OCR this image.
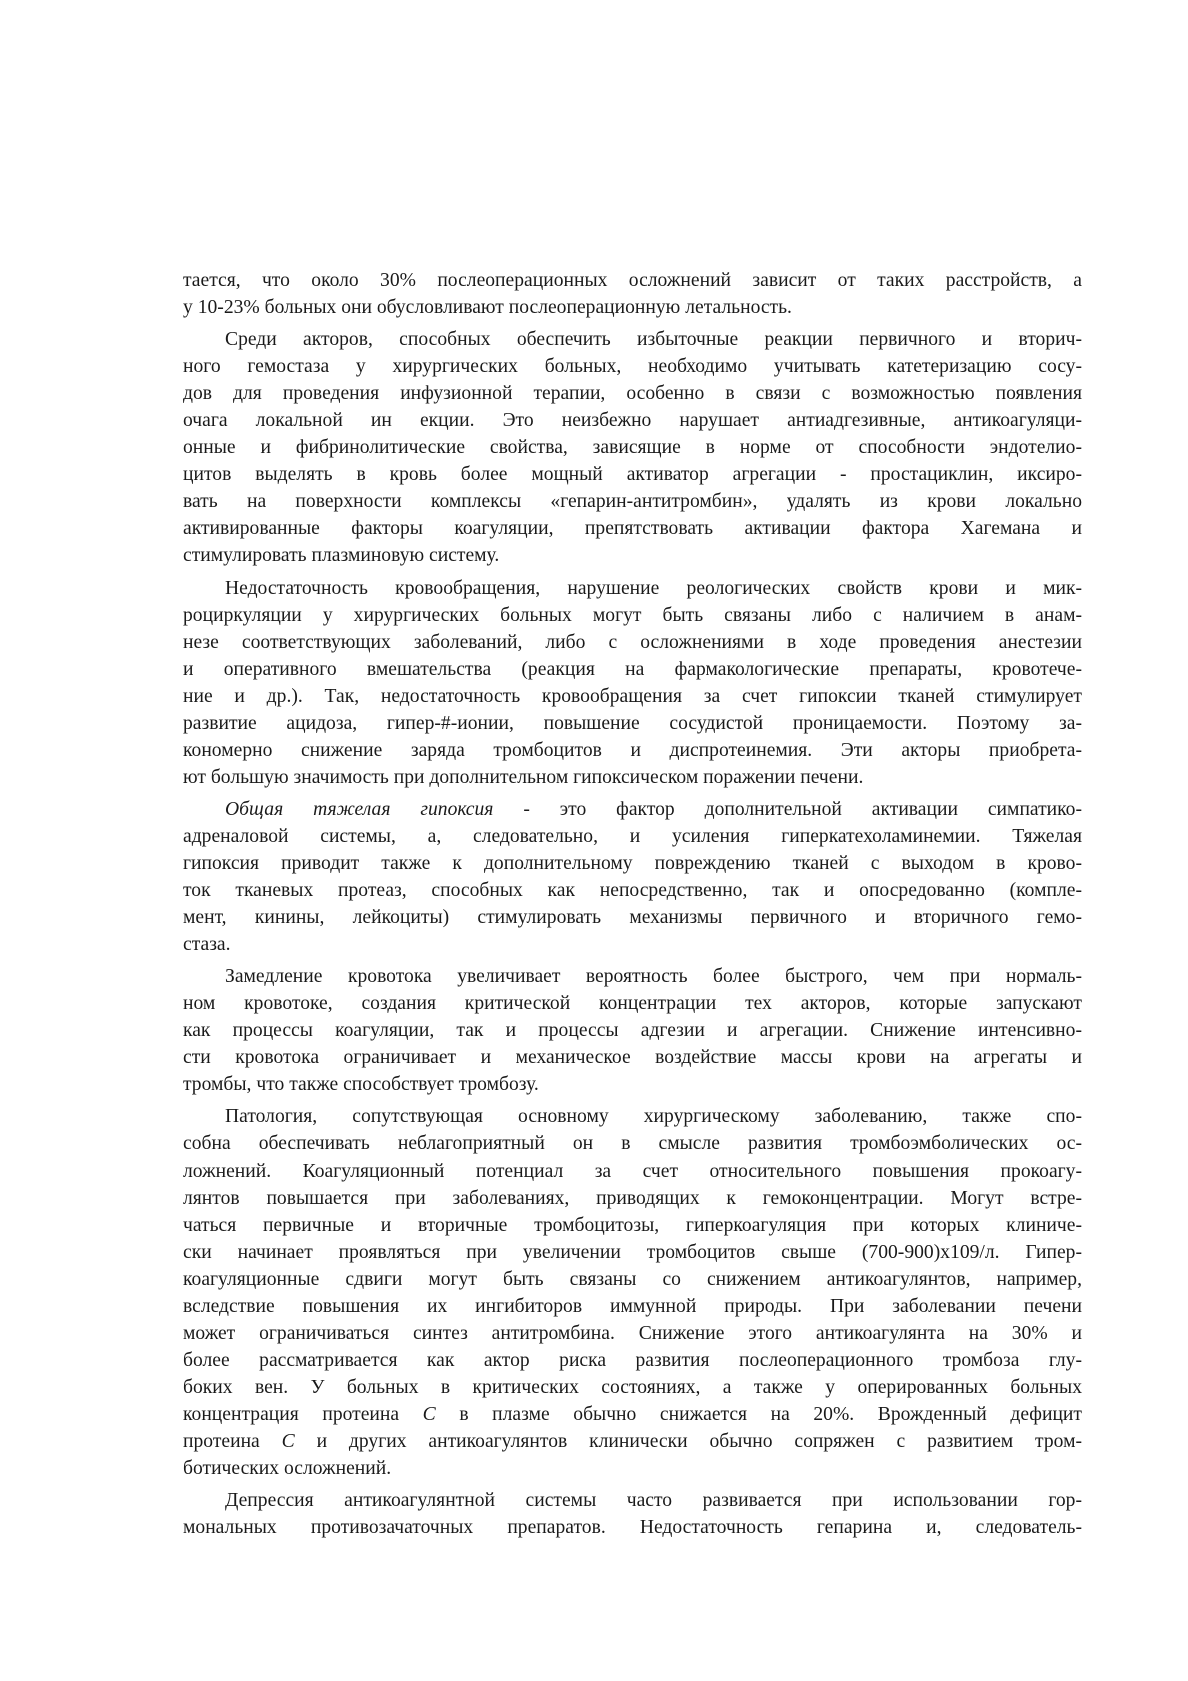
тается, что около 30% послеоперационных осложнений зависит от таких расстройств, а
у 10-23% больных они обусловливают послеоперационную летальность.
Среди акторов, способных обеспечить избыточные реакции первичного и вторич-
ного гемостаза у хирургических больных, необходимо учитывать катетеризацию сосу-
дов для проведения инфузионной терапии, особенно в связи с возможностью появления
очага локальной ин екции. Это неизбежно нарушает антиадгезивные, антикоагуляци-
онные и фибринолитические свойства, зависящие в норме от способности эндотелио-
цитов выделять в кровь более мощный активатор агрегации - простациклин, иксиро-
вать на поверхности комплексы «гепарин-антитромбин», удалять из крови локально
активированные факторы коагуляции, препятствовать активации фактора Хагемана и
стимулировать плазминовую систему.
Недостаточность кровообращения, нарушение реологических свойств крови и мик-
роциркуляции у хирургических больных могут быть связаны либо с наличием в анам-
незе соответствующих заболеваний, либо с осложнениями в ходе проведения анестезии
и оперативного вмешательства (реакция на фармакологические препараты, кровотече-
ние и др.). Так, недостаточность кровообращения за счет гипоксии тканей стимулирует
развитие ацидоза, гипер-#-ионии, повышение сосудистой проницаемости. Поэтому за-
кономерно снижение заряда тромбоцитов и диспротеинемия. Эти акторы приобрета-
ют большую значимость при дополнительном гипоксическом поражении печени.
Общая тяжелая гипоксия - это фактор дополнительной активации симпатико-
адреналовой системы, а, следовательно, и усиления гиперкатехоламинемии. Тяжелая
гипоксия приводит также к дополнительному повреждению тканей с выходом в крово-
ток тканевых протеаз, способных как непосредственно, так и опосредованно (компле-
мент, кинины, лейкоциты) стимулировать механизмы первичного и вторичного гемо-
стаза.
Замедление кровотока увеличивает вероятность более быстрого, чем при нормаль-
ном кровотоке, создания критической концентрации тех акторов, которые запускают
как процессы коагуляции, так и процессы адгезии и агрегации. Снижение интенсивно-
сти кровотока ограничивает и механическое воздействие массы крови на агрегаты и
тромбы, что также способствует тромбозу.
Патология, сопутствующая основному хирургическому заболеванию, также спо-
собна обеспечивать неблагоприятный он в смысле развития тромбоэмболических ос-
ложнений. Коагуляционный потенциал за счет относительного повышения прокоагу-
лянтов повышается при заболеваниях, приводящих к гемоконцентрации. Могут встре-
чаться первичные и вторичные тромбоцитозы, гиперкоагуляция при которых клиниче-
ски начинает проявляться при увеличении тромбоцитов свыше (700-900)х109/л. Гипер-
коагуляционные сдвиги могут быть связаны со снижением антикоагулянтов, например,
вследствие повышения их ингибиторов иммунной природы. При заболевании печени
может ограничиваться синтез антитромбина. Снижение этого антикоагулянта на 30% и
более рассматривается как актор риска развития послеоперационного тромбоза глу-
боких вен. У больных в критических состояниях, а также у оперированных больных
концентрация протеина С в плазме обычно снижается на 20%. Врожденный дефицит
протеина С и других антикоагулянтов клинически обычно сопряжен с развитием тром-
ботических осложнений.
Депрессия антикоагулянтной системы часто развивается при использовании гор-
мональных противозачаточных препаратов. Недостаточность гепарина и, следователь-
